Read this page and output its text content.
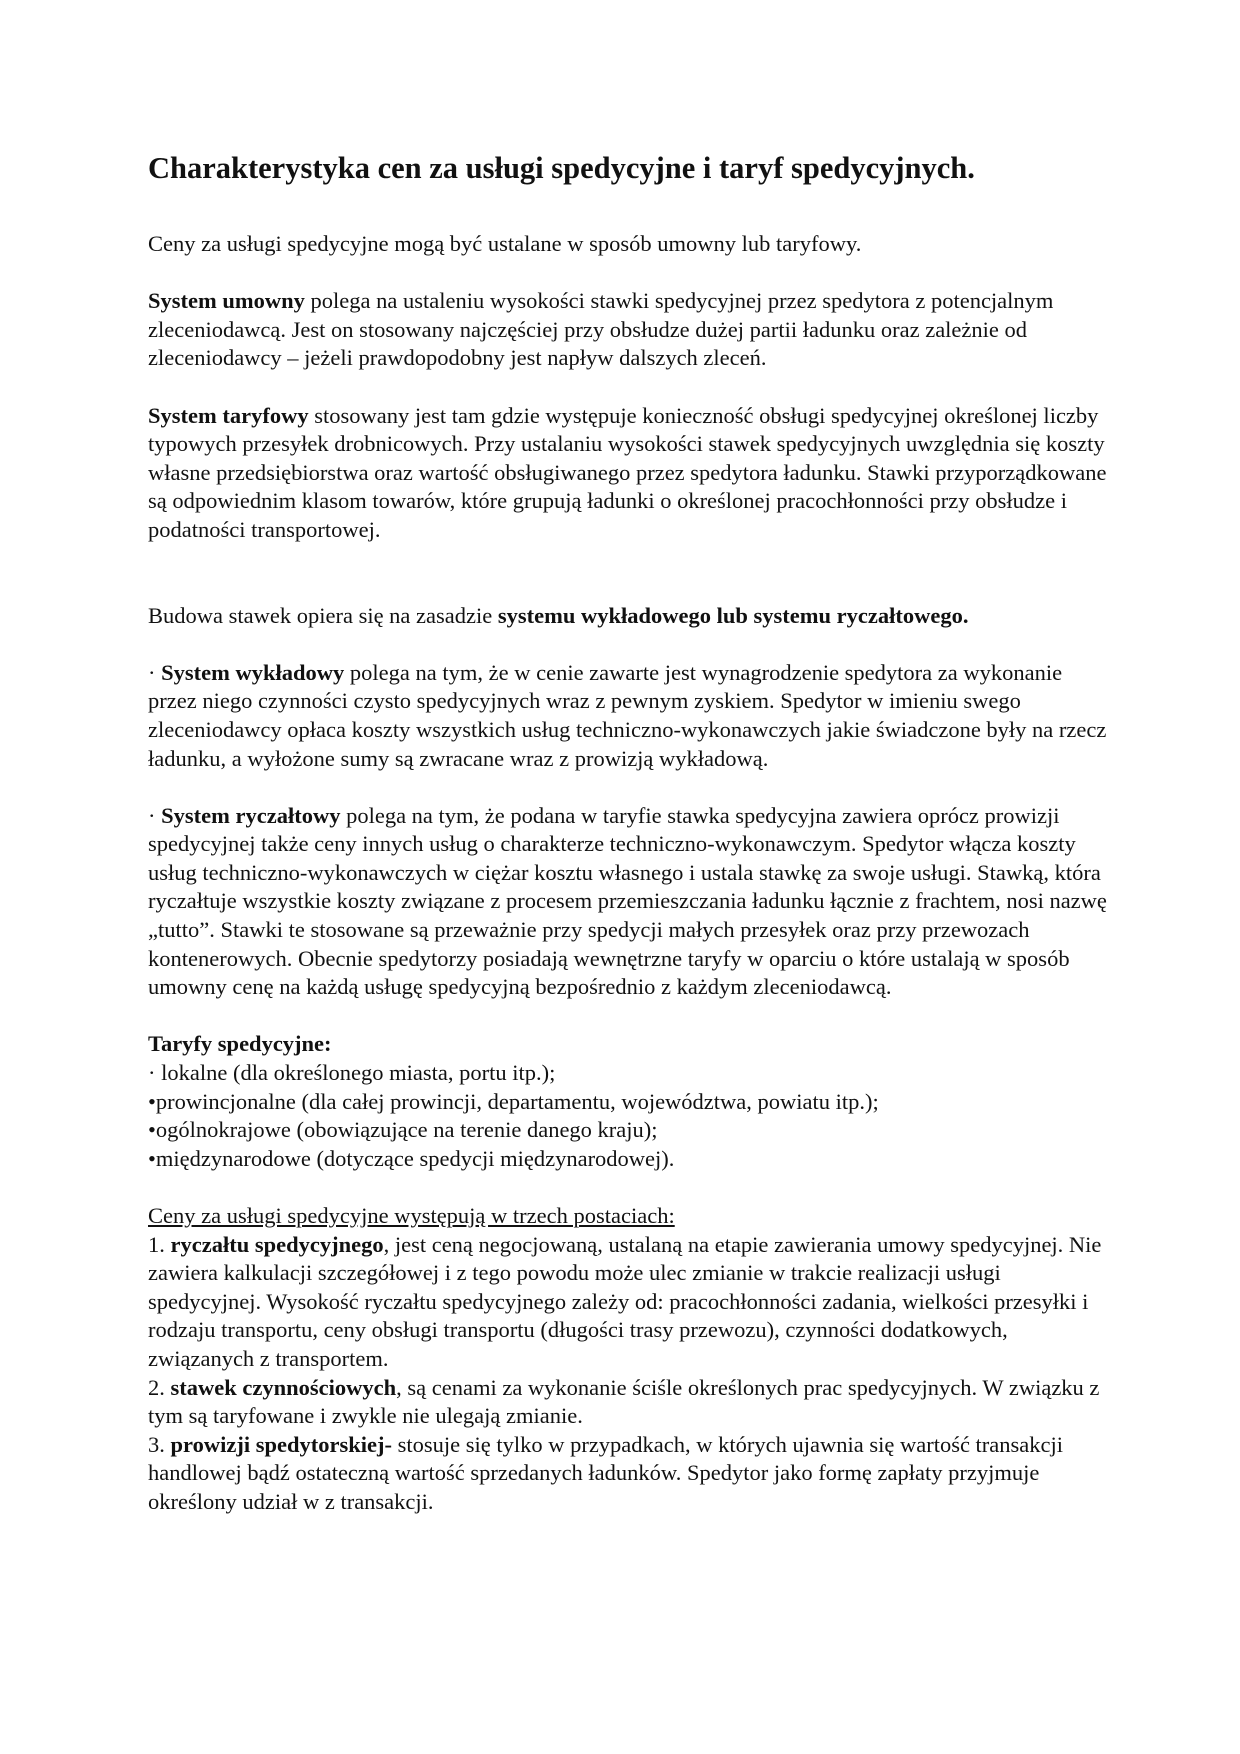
Charakterystyka cen za usługi spedycyjne i taryf spedycyjnych.

Ceny za usługi spedycyjne mogą być ustalane w sposób umowny lub taryfowy.

System umowny polega na ustaleniu wysokości stawki spedycyjnej przez spedytora z potencjalnym zleceniodawcą. Jest on stosowany najczęściej przy obsłudze dużej partii ładunku oraz zależnie od zleceniodawcy – jeżeli prawdopodobny jest napływ dalszych zleceń.

System taryfowy stosowany jest tam gdzie występuje konieczność obsługi spedycyjnej określonej liczby typowych przesyłek drobnicowych. Przy ustalaniu wysokości stawek spedycyjnych uwzględnia się koszty własne przedsiębiorstwa oraz wartość obsługiwanego przez spedytora ładunku. Stawki przyporządkowane są odpowiednim klasom towarów, które grupują ładunki o określonej pracochłonności przy obsłudze i podatności transportowej.

Budowa stawek opiera się na zasadzie systemu wykładowego lub systemu ryczałtowego.

· System wykładowy polega na tym, że w cenie zawarte jest wynagrodzenie spedytora za wykonanie przez niego czynności czysto spedycyjnych wraz z pewnym zyskiem. Spedytor w imieniu swego zleceniodawcy opłaca koszty wszystkich usług techniczno-wykonawczych jakie świadczone były na rzecz ładunku, a wyłożone sumy są zwracane wraz z prowizją wykładową.

· System ryczałtowy polega na tym, że podana w taryfie stawka spedycyjna zawiera oprócz prowizji spedycyjnej także ceny innych usług o charakterze techniczno-wykonawczym. Spedytor włącza koszty usług techniczno-wykonawczych w ciężar kosztu własnego i ustala stawkę za swoje usługi. Stawką, która ryczałtuje wszystkie koszty związane z procesem przemieszczania ładunku łącznie z frachtem, nosi nazwę „tutto”. Stawki te stosowane są przeważnie przy spedycji małych przesyłek oraz przy przewozach kontenerowych. Obecnie spedytorzy posiadają wewnętrzne taryfy w oparciu o które ustalają w sposób umowny cenę na każdą usługę spedycyjną bezpośrednio z każdym zleceniodawcą.

Taryfy spedycyjne:

· lokalne (dla określonego miasta, portu itp.);

•prowincjonalne (dla całej prowincji, departamentu, województwa, powiatu itp.);

•ogólnokrajowe (obowiązujące na terenie danego kraju);

•międzynarodowe (dotyczące spedycji międzynarodowej).

Ceny za usługi spedycyjne występują w trzech postaciach:

1. ryczałtu spedycyjnego, jest ceną negocjowaną, ustalaną na etapie zawierania umowy spedycyjnej. Nie zawiera kalkulacji szczegółowej i z tego powodu może ulec zmianie w trakcie realizacji usługi spedycyjnej. Wysokość ryczałtu spedycyjnego zależy od: pracochłonności zadania, wielkości przesyłki i rodzaju transportu, ceny obsługi transportu (długości trasy przewozu), czynności dodatkowych, związanych z transportem.

2. stawek czynnościowych, są cenami za wykonanie ściśle określonych prac spedycyjnych. W związku z tym są taryfowane i zwykle nie ulegają zmianie.

3. prowizji spedytorskiej- stosuje się tylko w przypadkach, w których ujawnia się wartość transakcji handlowej bądź ostateczną wartość sprzedanych ładunków. Spedytor jako formę zapłaty przyjmuje określony udział w z transakcji.
